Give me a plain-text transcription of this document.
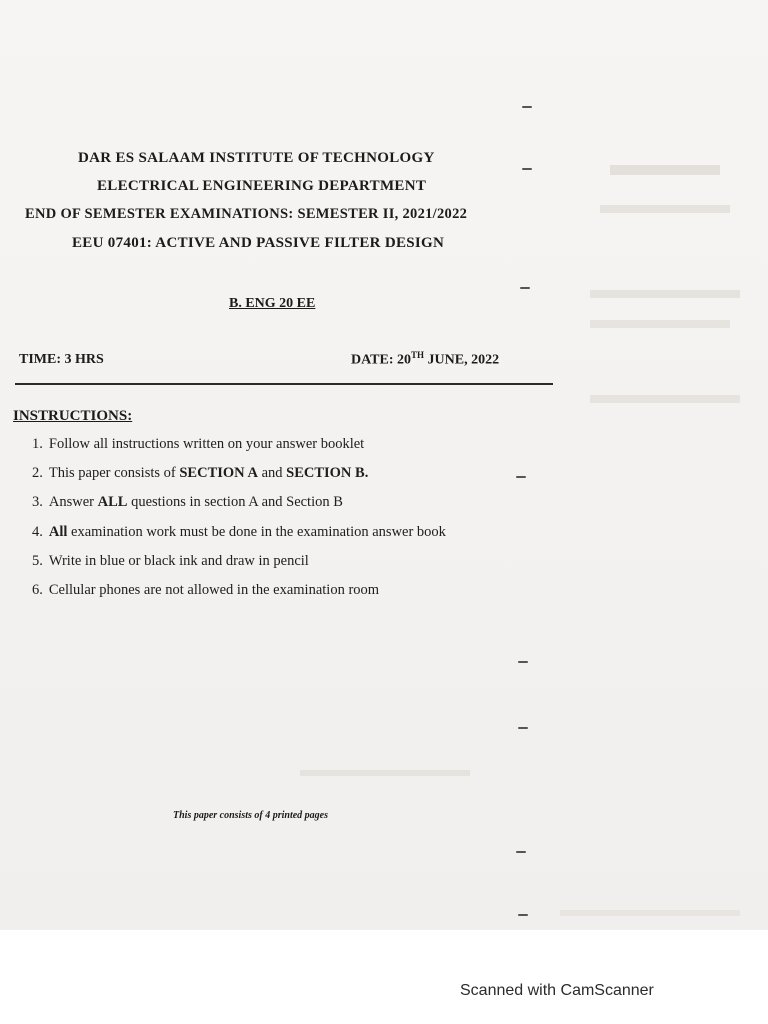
DAR ES SALAAM INSTITUTE OF TECHNOLOGY
ELECTRICAL ENGINEERING DEPARTMENT
END OF SEMESTER EXAMINATIONS: SEMESTER II, 2021/2022
EEU 07401: ACTIVE AND PASSIVE FILTER DESIGN
B. ENG 20 EE
TIME: 3 HRS	DATE: 20TH JUNE, 2022
INSTRUCTIONS:
1. Follow all instructions written on your answer booklet
2. This paper consists of SECTION A and SECTION B.
3. Answer ALL questions in section A and Section B
4. All examination work must be done in the examination answer book
5. Write in blue or black ink and draw in pencil
6. Cellular phones are not allowed in the examination room
This paper consists of 4 printed pages
Scanned with CamScanner
